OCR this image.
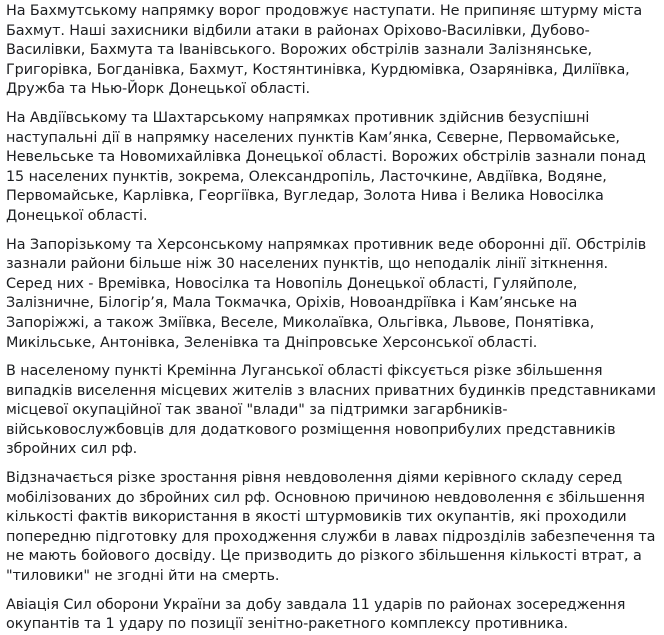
На Бахмутському напрямку ворог продовжує наступати. Не припиняє штурму міста Бахмут. Наші захисники відбили атаки в районах Оріхово-Василівки, Дубово-Василівки, Бахмута та Іванівського. Ворожих обстрілів зазнали Залізнянське, Григорівка, Богданівка, Бахмут, Костянтинівка, Курдюмівка, Озарянівка, Диліївка, Дружба та Нью-Йорк Донецької області.

На Авдіївському та Шахтарському напрямках противник здійснив безуспішні наступальні дії в напрямку населених пунктів Кам’янка, Сєверне, Первомайське, Невельське та Новомихайлівка Донецької області. Ворожих обстрілів зазнали понад 15 населених пунктів, зокрема, Олександропіль, Ласточкине, Авдіївка, Водяне, Первомайське, Карлівка, Георгіївка, Вугледар, Золота Нива і Велика Новосілка Донецької області.

На Запорізькому та Херсонському напрямках противник веде оборонні дії. Обстрілів зазнали райони більше ніж 30 населених пунктів, що неподалік лінії зіткнення. Серед них - Времівка, Новосілка та Новопіль Донецької області, Гуляйполе, Залізничне, Білогір’я, Мала Токмачка, Оріхів, Новоандріївка і Кам’янське на Запоріжжі, а також Зміївка, Веселе, Миколаївка, Ольгівка, Львове, Понятівка, Микільське, Антонівка, Зеленівка та Дніпровське Херсонської області.

В населеному пункті Кремінна Луганської області фіксується різке збільшення випадків виселення місцевих жителів з власних приватних будинків представниками місцевої окупаційної так званої "влади" за підтримки загарбників-військовослужбовців для додаткового розміщення новоприбулих представників збройних сил рф.

Відзначається різке зростання рівня невдоволення діями керівного складу серед мобілізованих до збройних сил рф. Основною причиною невдоволення є збільшення кількості фактів використання в якості штурмовиків тих окупантів, які проходили попередню підготовку для проходження служби в лавах підрозділів забезпечення та не мають бойового досвіду. Це призводить до різкого збільшення кількості втрат, а "тиловики" не згодні йти на смерть.

Авіація Сил оборони України за добу завдала 11 ударів по районах зосередження окупантів та 1 удару по позиції зенітно-ракетного комплексу противника.
